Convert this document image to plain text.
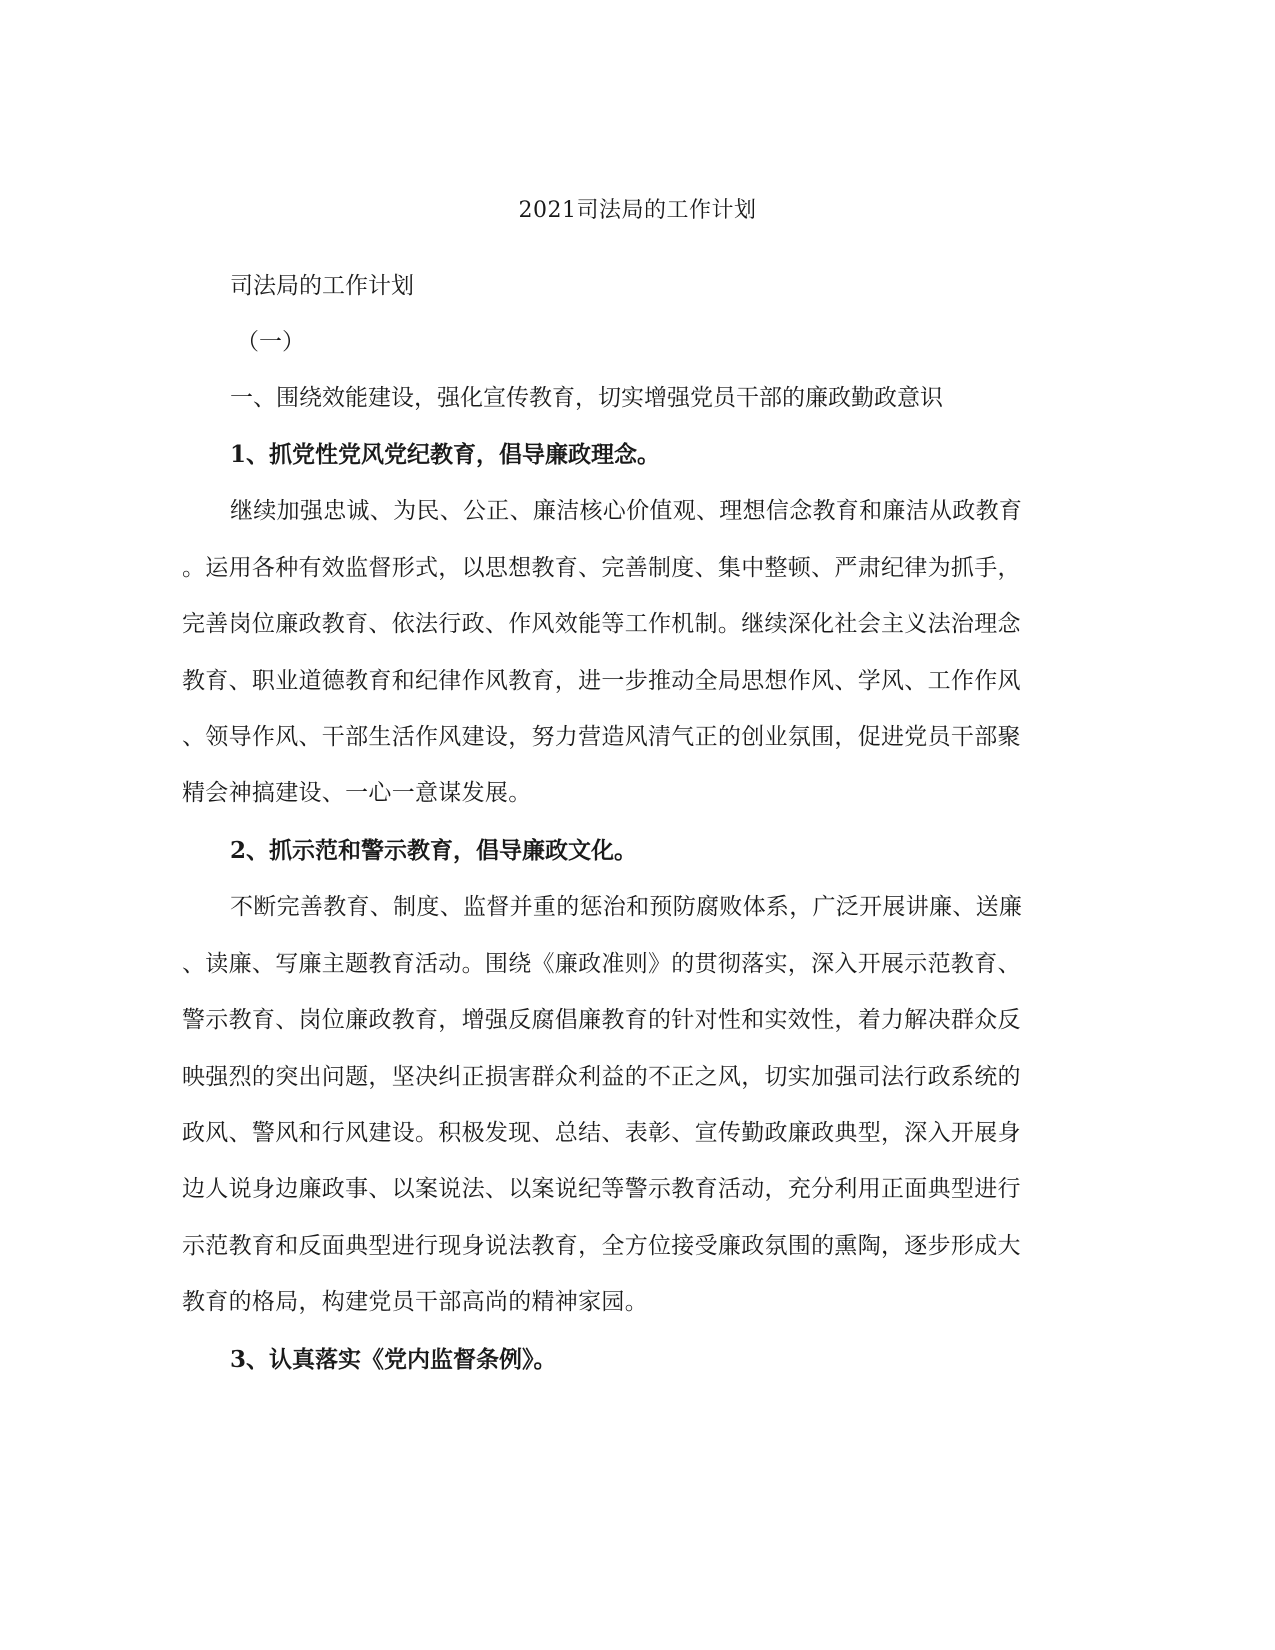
2021司法局的工作计划
司法局的工作计划
（一）
一、围绕效能建设，强化宣传教育，切实增强党员干部的廉政勤政意识
1、抓党性党风党纪教育，倡导廉政理念。
继续加强忠诚、为民、公正、廉洁核心价值观、理想信念教育和廉洁从政教育
。运用各种有效监督形式，以思想教育、完善制度、集中整顿、严肃纪律为抓手，
完善岗位廉政教育、依法行政、作风效能等工作机制。继续深化社会主义法治理念
教育、职业道德教育和纪律作风教育，进一步推动全局思想作风、学风、工作作风
、领导作风、干部生活作风建设，努力营造风清气正的创业氛围，促进党员干部聚
精会神搞建设、一心一意谋发展。
2、抓示范和警示教育，倡导廉政文化。
不断完善教育、制度、监督并重的惩治和预防腐败体系，广泛开展讲廉、送廉
、读廉、写廉主题教育活动。围绕《廉政准则》的贯彻落实，深入开展示范教育、
警示教育、岗位廉政教育，增强反腐倡廉教育的针对性和实效性，着力解决群众反
映强烈的突出问题，坚决纠正损害群众利益的不正之风，切实加强司法行政系统的
政风、警风和行风建设。积极发现、总结、表彰、宣传勤政廉政典型，深入开展身
边人说身边廉政事、以案说法、以案说纪等警示教育活动，充分利用正面典型进行
示范教育和反面典型进行现身说法教育，全方位接受廉政氛围的熏陶，逐步形成大
教育的格局，构建党员干部高尚的精神家园。
3、认真落实《党内监督条例》。
